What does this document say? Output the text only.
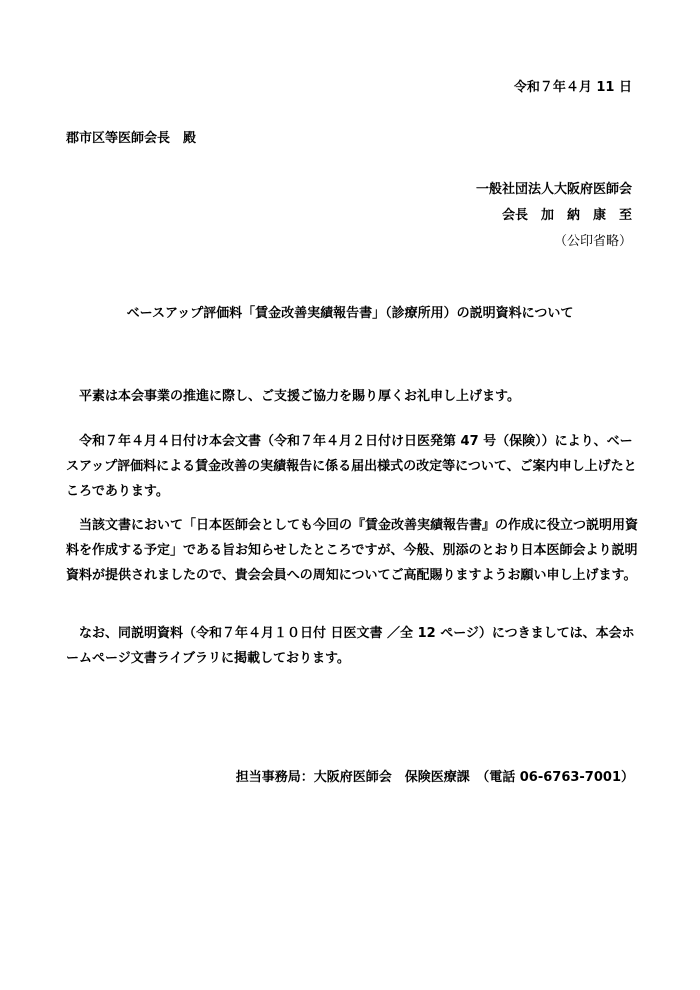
令和７年４月 11 日
郡市区等医師会長　殿
一般社団法人大阪府医師会
会長　加　納　康　至
（公印省略）
ベースアップ評価料「賃金改善実績報告書」（診療所用）の説明資料について
平素は本会事業の推進に際し、ご支援ご協力を賜り厚くお礼申し上げます。
令和７年４月４日付け本会文書（令和７年４月２日付け日医発第 47 号（保険））により、ベースアップ評価料による賃金改善の実績報告に係る届出様式の改定等について、ご案内申し上げたところであります。
当該文書において「日本医師会としても今回の『賃金改善実績報告書』の作成に役立つ説明用資料を作成する予定」である旨お知らせしたところですが、今般、別添のとおり日本医師会より説明資料が提供されましたので、貴会会員への周知についてご高配賜りますようお願い申し上げます。
なお、同説明資料（令和７年４月１０日付 日医文書 ／全 12 ページ）につきましては、本会ホームページ文書ライブラリに掲載しております。
担当事務局：大阪府医師会　保険医療課　（電話 06-6763-7001）
